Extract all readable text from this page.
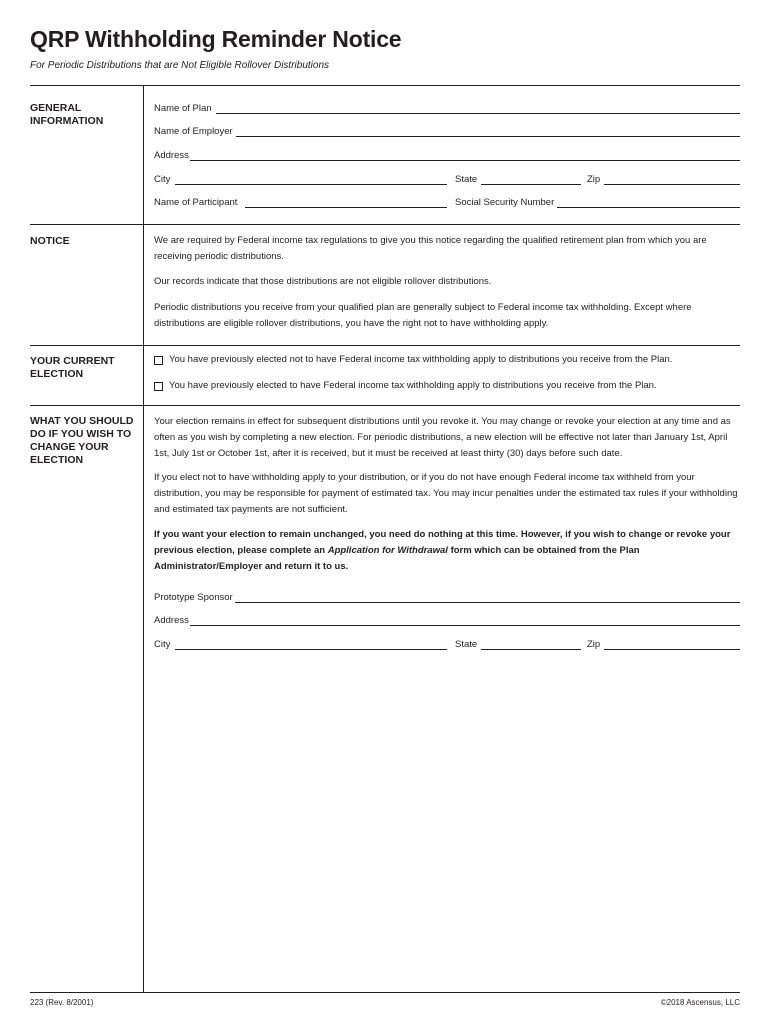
QRP Withholding Reminder Notice
For Periodic Distributions that are Not Eligible Rollover Distributions
GENERAL INFORMATION
Name of Plan
Name of Employer
Address
City	State	Zip
Name of Participant	Social Security Number
NOTICE	We are required by Federal income tax regulations to give you this notice regarding the qualified retirement plan from which you are receiving periodic distributions.

Our records indicate that those distributions are not eligible rollover distributions.

Periodic distributions you receive from your qualified plan are generally subject to Federal income tax withholding. Except where distributions are eligible rollover distributions, you have the right not to have withholding apply.

YOUR CURRENT ELECTION
You have previously elected not to have Federal income tax withholding apply to distributions you receive from the Plan.
You have previously elected to have Federal income tax withholding apply to distributions you receive from the Plan.
WHAT YOU SHOULD DO IF YOU WISH TO CHANGE YOUR ELECTION

Your election remains in effect for subsequent distributions until you revoke it. You may change or revoke your election at any time and as often as you wish by completing a new election. For periodic distributions, a new election will be effective not later than January 1st, April 1st, July 1st or October 1st, after it is received, but it must be received at least thirty (30) days before such date.

If you elect not to have withholding apply to your distribution, or if you do not have enough Federal income tax withheld from your distribution, you may be responsible for payment of estimated tax. You may incur penalties under the estimated tax rules if your withholding and estimated tax payments are not sufficient.

If you want your election to remain unchanged, you need do nothing at this time. However, if you wish to change or revoke your previous election, please complete an Application for Withdrawal form which can be obtained from the Plan Administrator/Employer and return it to us.

Prototype Sponsor
Address
City	State	Zip
223 (Rev. 8/2001)	©2018 Ascensus, LLC
